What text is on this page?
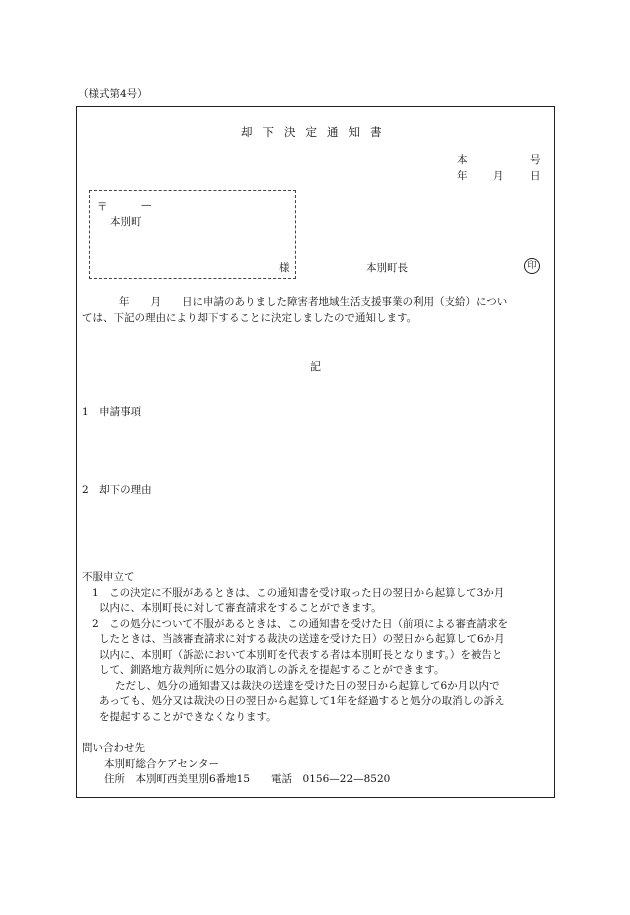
（様式第4号）
却下決定通知書
本	号
年 月	日
〒	—
本別町
様	本別町長	印
年　　月　　日に申請のありました障害者地域生活支援事業の利用（支給）につい
ては、下記の理由により却下することに決定しましたので通知します。
記
1　申請事項
2　却下の理由
不服申立て
1　この決定に不服があるときは、この通知書を受け取った日の翌日から起算して3か月
以内に、本別町長に対して審査請求をすることができます。
2　この処分について不服があるときは、この通知書を受けた日（前項による審査請求を
したときは、当該審査請求に対する裁決の送達を受けた日）の翌日から起算して6か月
以内に、本別町（訴訟において本別町を代表する者は本別町長となります。）を被告と
して、釧路地方裁判所に処分の取消しの訴えを提起することができます。
ただし、処分の通知書又は裁決の送達を受けた日の翌日から起算して6か月以内で
あっても、処分又は裁決の日の翌日から起算して1年を経過すると処分の取消しの訴え
を提起することができなくなります。
問い合わせ先
本別町総合ケアセンター
住所　本別町西美里別6番地15　　電話　0156—22—8520
